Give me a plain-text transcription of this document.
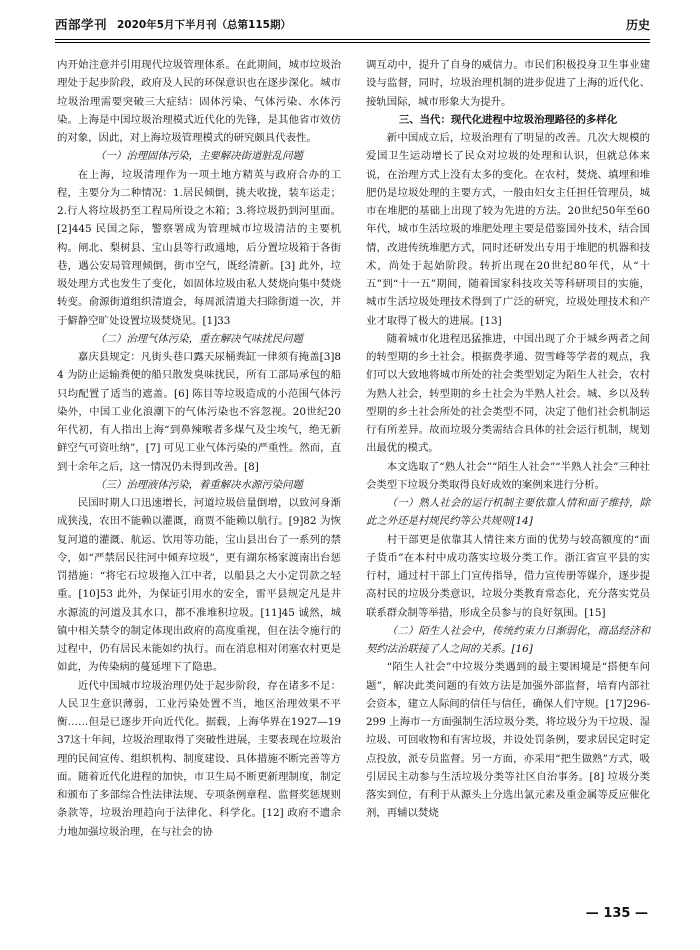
西部学刊 2020年5月下半月刊（总第115期）	历史

内开始注意并引用现代垃圾管理体系。在此期间，城市垃圾治理处于起步阶段，政府及人民的环保意识也在逐步深化。城市垃圾治理需要突破三大症结：固体污染、气体污染、水体污染。上海是中国垃圾治理模式近代化的先锋，是其他省市效仿的对象，因此，对上海垃圾管理模式的研究颇具代表性。

（一）治理固体污染，主要解决街道脏乱问题

在上海，垃圾清理作为一项土地方精英与政府合办的工程，主要分为二种情况：1.居民倾倒，挑夫收拢，装车运走；2.行人将垃圾扔至工程局所设之木箱；3.将垃圾扔到河里面。[2]445 民国之际，警察署成为管理城市垃圾清洁的主要机构。闸北、梨树县、宝山县等行政通地，后分置垃圾箱于各街巷，遇公安局管理倾倒，街市空气，既经清新。[3] 此外，垃圾处理方式也发生了变化，如固体垃圾由私人焚烧向集中焚烧转变。俞源街道组织清道会，每周派清道夫扫除街道一次，并于僻静空旷处设置垃圾焚烧见。[1]33

（二）治理气体污染，重在解决气味扰民问题

嘉庆县规定：凡街头巷口露天尿桶粪缸一律须有掩盖[3]84 为防止运输粪便的船只散发臭味扰民，所有工部局承包的船只均配置了适当的遮盖。[6] 陈目等垃圾造成的小范围气体污染外，中国工业化浪潮下的气体污染也不容忽视。20世纪20年代初，有人指出上海“到鼻辣喉者多煤气及尘埃气，绝无新鲜空气可资吐纳”，[7] 可见工业气体污染的严重性。然而，直到十余年之后，这一情况仍未得到改善。[8]

（三）治理液体污染，着重解决水源污染问题

民国时期人口迅速增长，河道垃圾倍量倒增，以致河身渐成狭浅，农田不能赖以灌溉，商贾不能赖以航行。[9]82 为恢复河道的灌溉、航运、饮用等功能，宝山县出台了一系列的禁令，如“严禁居民往河中倾弃垃圾”，更有湖东杨家渡南出台惩罚措施：“将宅石垃圾拖入江中者，以船县之大小定罚款之轻重。[10]53 此外，为保证引用水的安全，雷平县规定凡是井水源流的河道及其水口，都不准堆积垃圾。[11]45 诚然，城镇中相关禁令的制定体现出政府的高度重视，但在法令施行的过程中，仍有居民未能如约执行。而在消息相对闭塞农村更是如此，为传染病的蔓延埋下了隐患。

近代中国城市垃圾治理仍处于起步阶段，存在诸多不足：人民卫生意识薄弱，工业污染处置不当，地区治理效果不平衡……但是已逐步开向近代化。据载，上海华界在1927—1937这十年间，垃圾治理取得了突破性进展，主要表现在垃圾治理的民间宣传、组织机构、制度建设、具体措施不断完善等方面。随着近代化进程的加快，市卫生局不断更新理制度，制定和颁布了多部综合性法律法规、专项条例章程、监督奖惩规则条款等，垃圾治理趋向于法律化、科学化。[12] 政府不遗余力地加强垃圾治理，在与社会的协

调互动中，提升了自身的威信力。市民们积极投身卫生事业建设与监督，同时，垃圾治理机制的进步促进了上海的近代化、接轨国际，城市形象大为提升。

三、当代：现代化进程中垃圾治理路径的多样化

新中国成立后，垃圾治理有了明显的改善。几次大规模的爱国卫生运动增长了民众对垃圾的处理和认识，但就总体来说，在治理方式上没有太多的变化。在农村，焚烧、填埋和堆肥仍是垃圾处理的主要方式，一般由妇女主任担任管理员，城市在堆肥的基础上出现了较为先进的方法。20世纪50年至60年代，城市生活垃圾的堆肥处理主要是借鉴国外技术，结合国情，改进传统堆肥方式，同时还研发出专用于堆肥的机器和技术，尚处于起始阶段。转折出现在20世纪80年代，从“十五”到“十一五”期间，随着国家科技攻关等科研项目的实施，城市生活垃圾处理技术得到了广泛的研究，垃圾处理技术和产业才取得了极大的进展。[13]

随着城市化进程迅猛推进，中国出现了介于城乡两者之间的转型期的乡土社会。根据费孝通、贺雪峰等学者的观点，我们可以大致地将城市所处的社会类型划定为陌生人社会，农村为熟人社会，转型期的乡土社会为半熟人社会。城、乡以及转型期的乡土社会所处的社会类型不同，决定了他们社会机制运行有所差异。故而垃圾分类需结合具体的社会运行机制，规划出最优的模式。

本文选取了“熟人社会”“陌生人社会”“半熟人社会”三种社会类型下垃圾分类取得良好成效的案例来进行分析。

（一）熟人社会的运行机制主要依靠人情和面子维持，除此之外还是村规民约等公共规则[14]

村干部更是依靠其人情往来方面的优势与较高额度的“面子货币”在本村中成功落实垃圾分类工作。浙江省宣平县的实行村，通过村干部上门宣传指导，借力宣传册等媒介，逐步提高村民的垃圾分类意识，垃圾分类教育常态化，充分落实党员联系群众制等举措，形成全员参与的良好氛围。[15]

（二）陌生人社会中，传统约束力日渐弱化，商品经济和契约法治联接了人之间的关系。[16]

“陌生人社会”中垃圾分类遇到的最主要困境是“搭便车问题”，解决此类问题的有效方法是加强外部监督，培育内部社会资本，建立人际间的信任与信任，确保人们守规。[17]296-299 上海市一方面强制生活垃圾分类，将垃圾分为干垃圾、湿垃圾、可回收物和有害垃圾，并设处罚条例，要求居民定时定点投放，派专员监督。另一方面，亦采用“把生做熟”方式，吸引居民主动参与生活垃圾分类等社区自治事务。[8] 垃圾分类落实到位，有利于从源头上分选出氯元素及重金属等反应催化剂，再辅以焚烧

— 135 —
